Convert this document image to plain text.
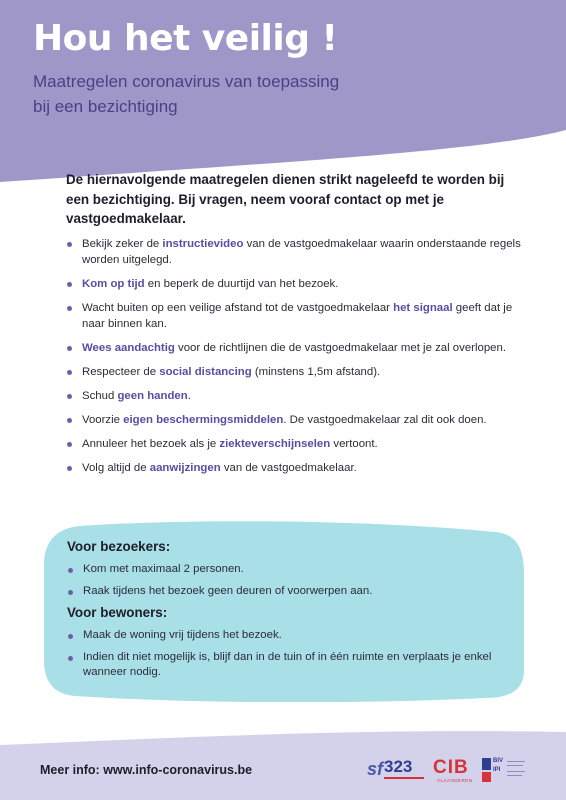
Hou het veilig !
Maatregelen coronavirus van toepassing
bij een bezichtiging

De hiernavolgende maatregelen dienen strikt nageleefd te worden bij een bezichtiging. Bij vragen, neem vooraf contact op met je vastgoedmakelaar.

Bekijk zeker de instructievideo van de vastgoedmakelaar waarin onderstaande regels worden uitgelegd.
Kom op tijd en beperk de duurtijd van het bezoek.
Wacht buiten op een veilige afstand tot de vastgoedmakelaar het signaal geeft dat je naar binnen kan.
Wees aandachtig voor de richtlijnen die de vastgoedmakelaar met je zal overlopen.
Respecteer de social distancing (minstens 1,5m afstand).
Schud geen handen.
Voorzie eigen beschermingsmiddelen. De vastgoedmakelaar zal dit ook doen.
Annuleer het bezoek als je ziekteverschijnselen vertoont.
Volg altijd de aanwijzingen van de vastgoedmakelaar.
Voor bezoekers:
Kom met maximaal 2 personen.
Raak tijdens het bezoek geen deuren of voorwerpen aan.
Voor bewoners:
Maak de woning vrij tijdens het bezoek.
Indien dit niet mogelijk is, blijf dan in de tuin of in één ruimte en verplaats je enkel wanneer nodig.
Meer info: www.info-coronavirus.be	sf 323 CIB
VLAANDEREN
BIV
IPI
